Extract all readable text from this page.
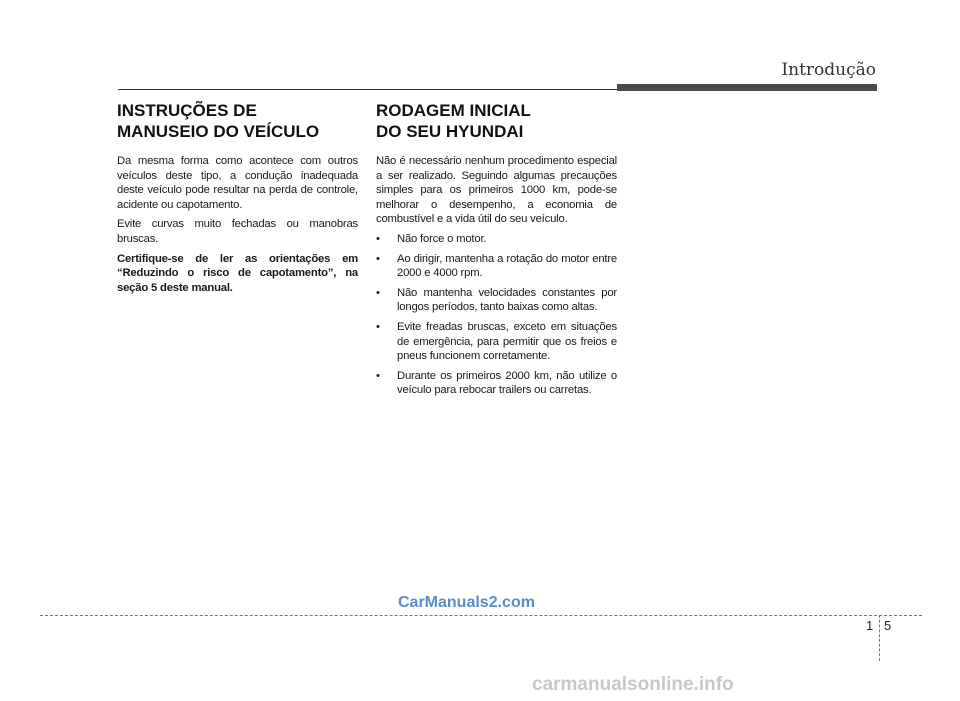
Introdução
INSTRUÇÕES DE
MANUSEIO DO VEÍCULO

Da mesma forma como acontece com outros veículos deste tipo, a condução inadequada deste veículo pode resultar na perda de controle, acidente ou capotamento.

Evite curvas muito fechadas ou manobras bruscas.

Certifique-se de ler as orientações em “Reduzindo o risco de capotamento”, na seção 5 deste manual.

RODAGEM INICIAL
DO SEU HYUNDAI

Não é necessário nenhum procedimento especial a ser realizado. Seguindo algumas precauções simples para os primeiros 1000 km, pode-se melhorar o desempenho, a economia de combustível e a vida útil do seu veículo.

• Não force o motor.
• Ao dirigir, mantenha a rotação do motor entre 2000 e 4000 rpm.
• Não mantenha velocidades constantes por longos períodos, tanto baixas como altas.
• Evite freadas bruscas, exceto em situações de emergência, para permitir que os freios e pneus funcionem corretamente.
• Durante os primeiros 2000 km, não utilize o veículo para rebocar trailers ou carretas.
CarManuals2.com
1 5
carmanualsonline.info
